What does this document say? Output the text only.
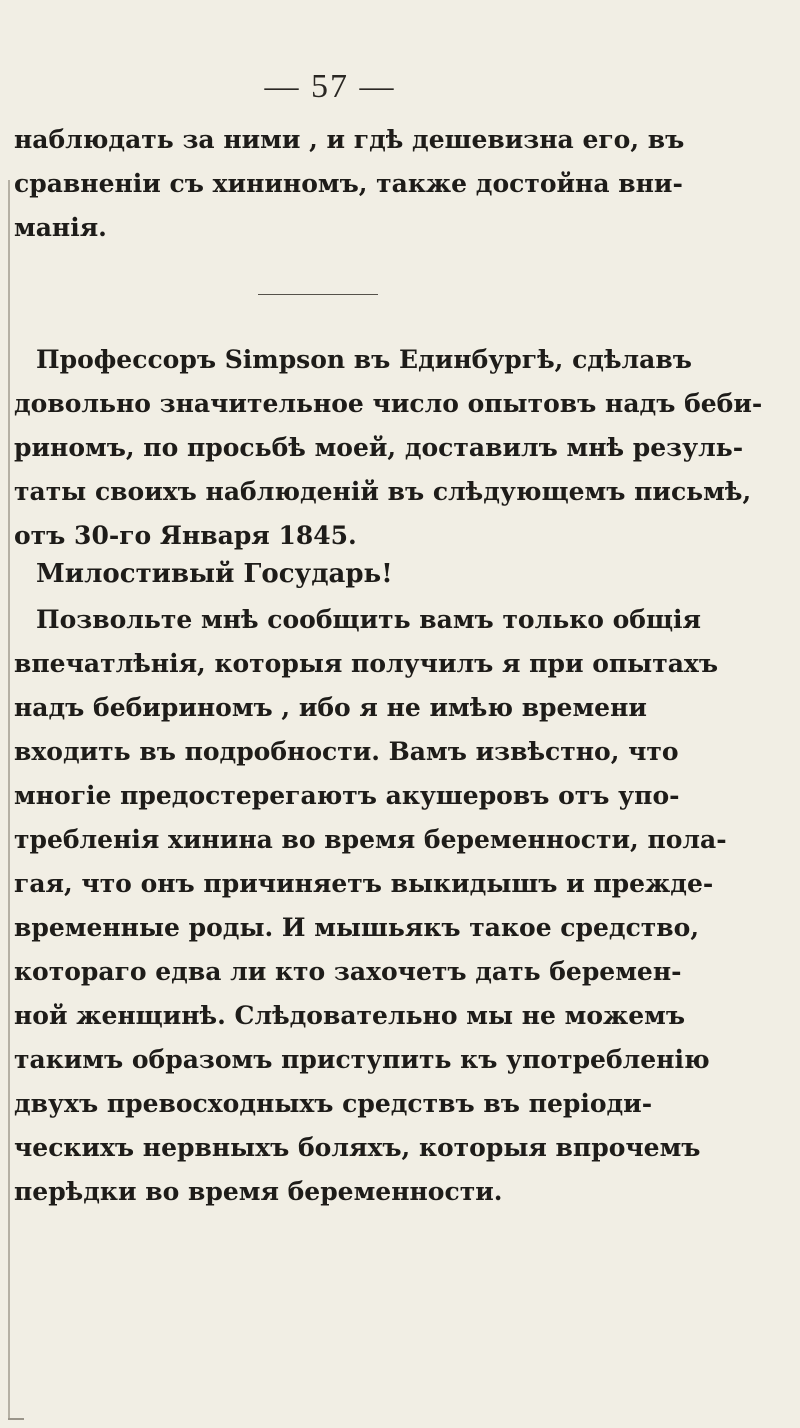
— 57 —
наблюдать за ними , и гдѣ дешевизна его, въ
сравненіи съ хининомъ, также достойна вни-
манія.
Профессоръ Simpson въ Единбургѣ, сдѣлавъ
довольно значительное число опытовъ надъ беби-
риномъ, по просьбѣ моей, доставилъ мнѣ резуль-
таты своихъ наблюденій въ слѣдующемъ письмѣ,
отъ 30-го Января 1845.
Милостивый Государь!
Позвольте мнѣ сообщить вамъ только общія
впечатлѣнія, которыя получилъ я при опытахъ
надъ бебириномъ , ибо я не имѣю времени
входить въ подробности. Вамъ извѣстно, что
многіе предостерегаютъ акушеровъ отъ упо-
требленія хинина во время беременности, пола-
гая, что онъ причиняетъ выкидышъ и прежде-
временные роды. И мышьякъ такое средство,
котораго едва ли кто захочетъ дать беремен-
ной женщинѣ. Слѣдовательно мы не можемъ
такимъ образомъ приступить къ употребленію
двухъ превосходныхъ средствъ въ періоди-
ческихъ нервныхъ боляхъ, которыя впрочемъ
перѣдки во время беременности.
